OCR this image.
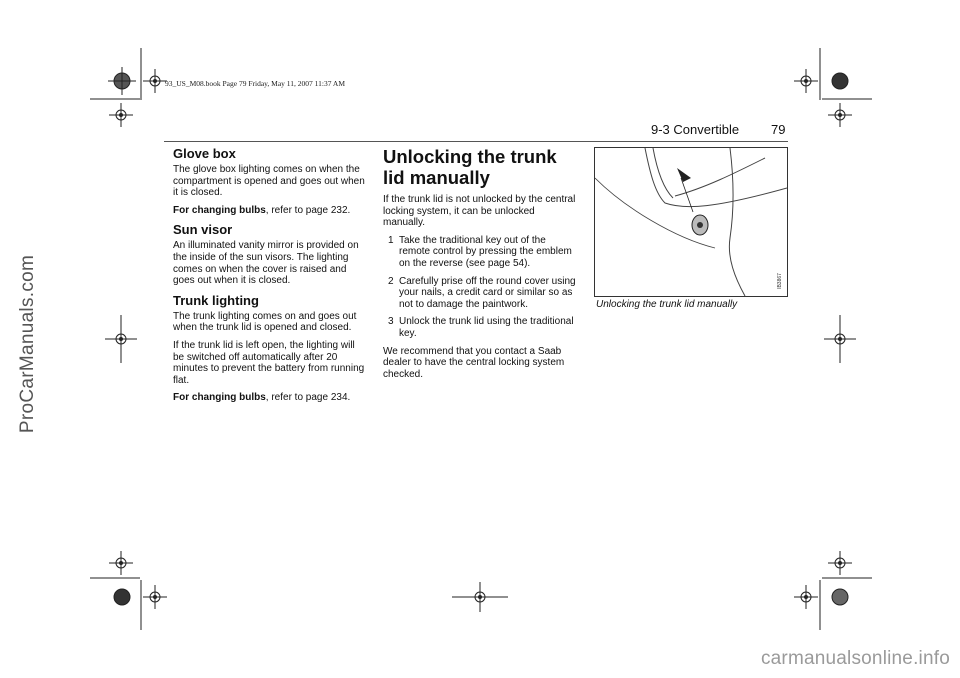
ProCarManuals.com
93_US_M08.book Page 79 Friday, May 11, 2007 11:37 AM
9-3 Convertible 79
Glove box

The glove box lighting comes on when the compartment is opened and goes out when it is closed.

For changing bulbs, refer to page 232.

Sun visor

An illuminated vanity mirror is provided on the inside of the sun visors. The lighting comes on when the cover is raised and goes out when it is closed.

Trunk lighting

The trunk lighting comes on and goes out when the trunk lid is opened and closed.

If the trunk lid is left open, the lighting will be switched off automatically after 20 minutes to prevent the battery from running flat.

For changing bulbs, refer to page 234.

Unlocking the trunk lid manually

If the trunk lid is not unlocked by the central locking system, it can be unlocked manually.

1 Take the traditional key out of the remote control by pressing the emblem on the reverse (see page 54).
2 Carefully prise off the round cover using your nails, a credit card or similar so as not to damage the paintwork.
3 Unlock the trunk lid using the traditional key.

We recommend that you contact a Saab dealer to have the central locking system checked.

IB3867
Unlocking the trunk lid manually
carmanualsonline.info
